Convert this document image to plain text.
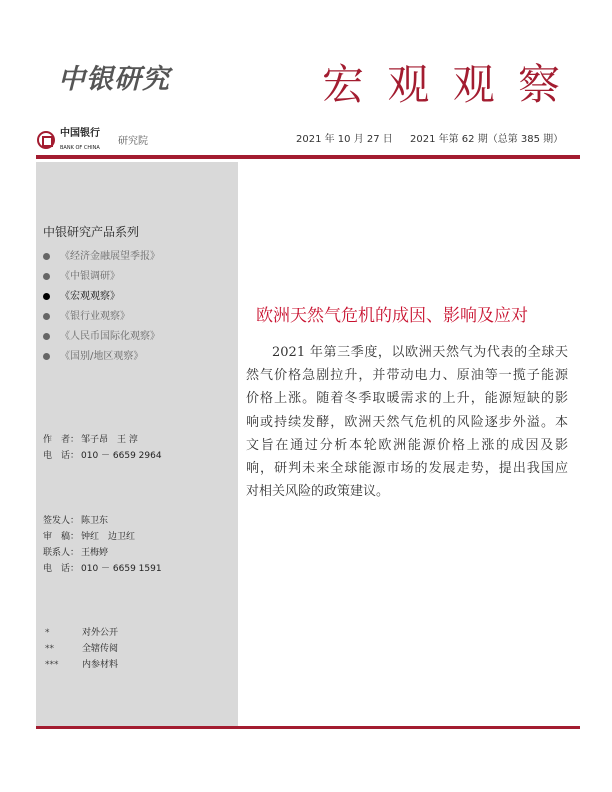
中银研究	宏 观 观 察
中国银行
BANK OF CHINA
研究院	2021 年 10 月 27 日 2021 年第 62 期（总第 385 期）
中银研究产品系列
《经济金融展望季报》
《中银调研》
《宏观观察》
《银行业观察》
《人民币国际化观察》
《国别/地区观察》
作　者： 邹子昂　王 淳
电　话： 010 － 6659 2964
签发人： 陈卫东
审　稿： 钟红　边卫红
联系人： 王梅婷
电　话： 010 － 6659 1591
*	对外公开
**	全辖传阅
***	内参材料
欧洲天然气危机的成因、影响及应对
2021 年第三季度，以欧洲天然气为代表的全球天
然气价格急剧拉升，并带动电力、原油等一揽子能源
价格上涨。随着冬季取暖需求的上升，能源短缺的影
响或持续发酵，欧洲天然气危机的风险逐步外溢。本
文旨在通过分析本轮欧洲能源价格上涨的成因及影
响，研判未来全球能源市场的发展走势，提出我国应
对相关风险的政策建议。
